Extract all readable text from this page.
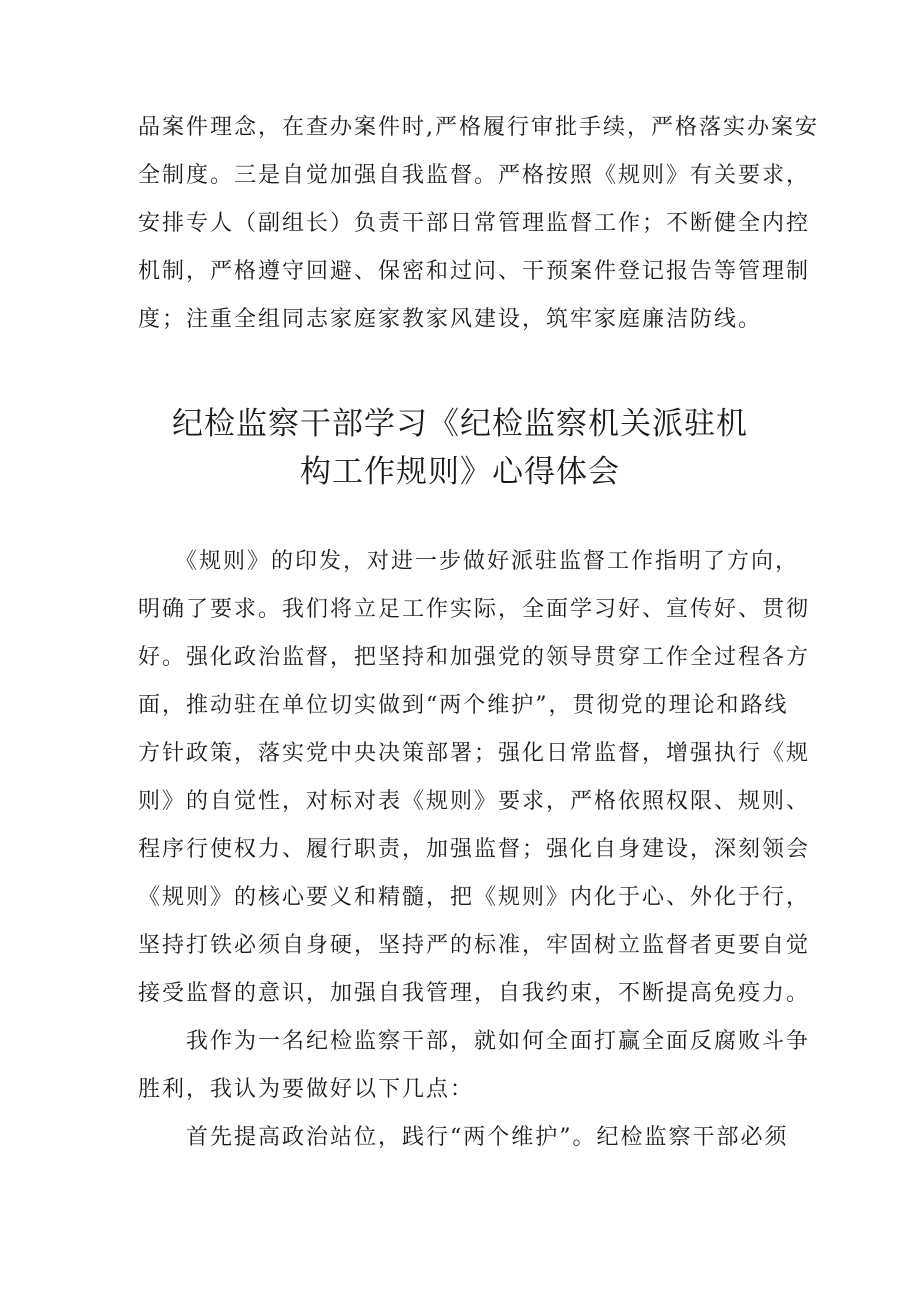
品案件理念，在查办案件时,严格履行审批手续，严格落实办案安
全制度。三是自觉加强自我监督。严格按照《规则》有关要求，
安排专人（副组长）负责干部日常管理监督工作；不断健全内控
机制，严格遵守回避、保密和过问、干预案件登记报告等管理制
度；注重全组同志家庭家教家风建设，筑牢家庭廉洁防线。
纪检监察干部学习《纪检监察机关派驻机
构工作规则》心得体会
　　《规则》的印发，对进一步做好派驻监督工作指明了方向，
明确了要求。我们将立足工作实际，全面学习好、宣传好、贯彻
好。强化政治监督，把坚持和加强党的领导贯穿工作全过程各方
面，推动驻在单位切实做到“两个维护”，贯彻党的理论和路线
方针政策，落实党中央决策部署；强化日常监督，增强执行《规
则》的自觉性，对标对表《规则》要求，严格依照权限、规则、
程序行使权力、履行职责，加强监督；强化自身建设，深刻领会
《规则》的核心要义和精髓，把《规则》内化于心、外化于行，
坚持打铁必须自身硬，坚持严的标准，牢固树立监督者更要自觉
接受监督的意识，加强自我管理，自我约束，不断提高免疫力。
　　我作为一名纪检监察干部，就如何全面打赢全面反腐败斗争
胜利，我认为要做好以下几点：
　　首先提高政治站位，践行“两个维护”。纪检监察干部必须
